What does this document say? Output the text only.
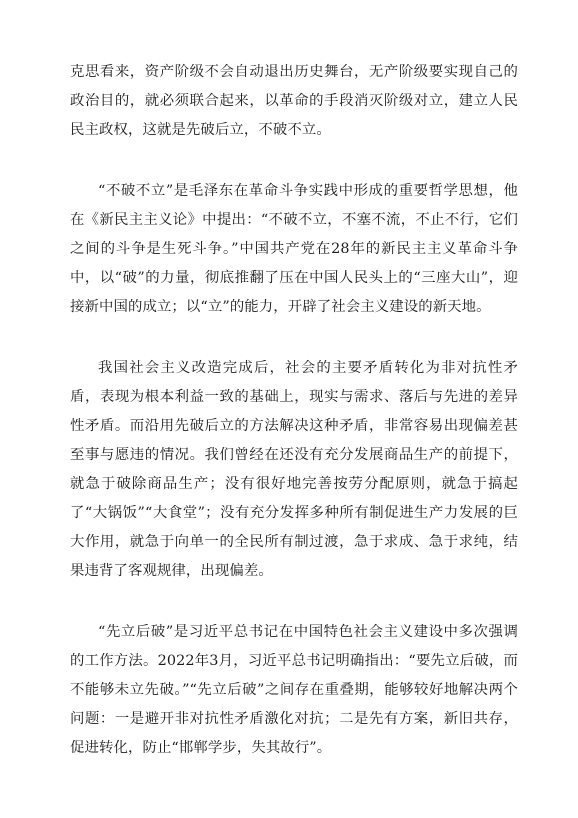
克思看来，资产阶级不会自动退出历史舞台，无产阶级要实现自己的政治目的，就必须联合起来，以革命的手段消灭阶级对立，建立人民民主政权，这就是先破后立，不破不立。

“不破不立”是毛泽东在革命斗争实践中形成的重要哲学思想，他在《新民主主义论》中提出：“不破不立，不塞不流，不止不行，它们之间的斗争是生死斗争。”中国共产党在28年的新民主主义革命斗争中，以“破”的力量，彻底推翻了压在中国人民头上的“三座大山”，迎接新中国的成立；以“立”的能力，开辟了社会主义建设的新天地。

我国社会主义改造完成后，社会的主要矛盾转化为非对抗性矛盾，表现为根本利益一致的基础上，现实与需求、落后与先进的差异性矛盾。而沿用先破后立的方法解决这种矛盾，非常容易出现偏差甚至事与愿违的情况。我们曾经在还没有充分发展商品生产的前提下，就急于破除商品生产；没有很好地完善按劳分配原则，就急于搞起了“大锅饭”“大食堂”；没有充分发挥多种所有制促进生产力发展的巨大作用，就急于向单一的全民所有制过渡，急于求成、急于求纯，结果违背了客观规律，出现偏差。

“先立后破”是习近平总书记在中国特色社会主义建设中多次强调的工作方法。2022年3月，习近平总书记明确指出：“要先立后破，而不能够未立先破。”“先立后破”之间存在重叠期，能够较好地解决两个问题：一是避开非对抗性矛盾激化对抗；二是先有方案，新旧共存，促进转化，防止“邯郸学步，失其故行”。
